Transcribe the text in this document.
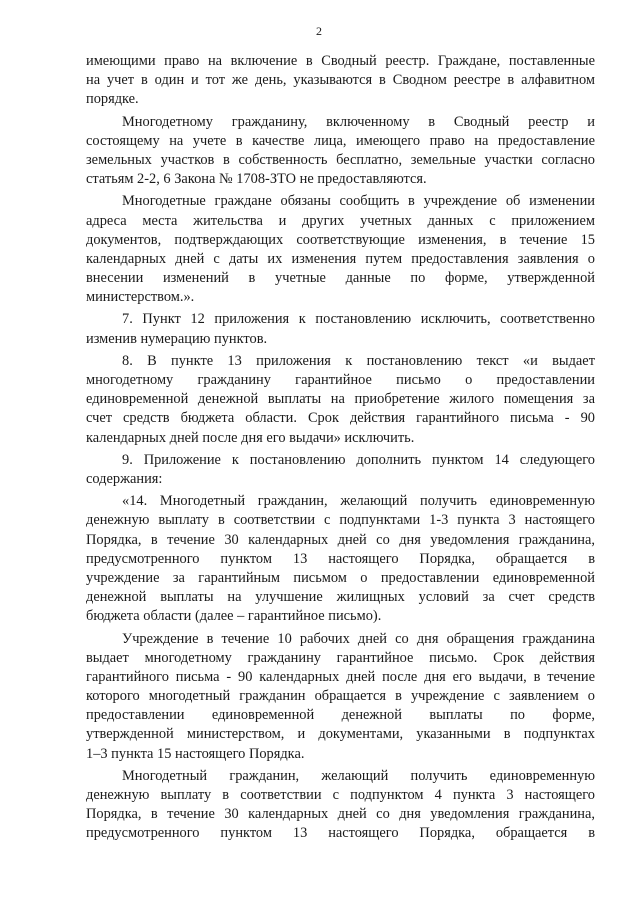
2
имеющими право на включение в Сводный реестр. Граждане, поставленные
на учет в один и тот же день, указываются в Сводном реестре в алфавитном
порядке.
Многодетному гражданину, включенному в Сводный реестр и
состоящему на учете в качестве лица, имеющего право на предоставление
земельных участков в собственность бесплатно, земельные участки согласно
статьям 2-2, 6 Закона № 1708-ЗТО не предоставляются.
Многодетные граждане обязаны сообщить в учреждение об изменении
адреса места жительства и других учетных данных с приложением
документов, подтверждающих соответствующие изменения, в течение 15
календарных дней с даты их изменения путем предоставления заявления о
внесении изменений в учетные данные по форме, утвержденной
министерством.».
7. Пункт 12 приложения к постановлению исключить, соответственно
изменив нумерацию пунктов.
8. В пункте 13 приложения к постановлению текст «и выдает
многодетному гражданину гарантийное письмо о предоставлении
единовременной денежной выплаты на приобретение жилого помещения за
счет средств бюджета области. Срок действия гарантийного письма - 90
календарных дней после дня его выдачи» исключить.
9. Приложение к постановлению дополнить пунктом 14 следующего
содержания:
«14. Многодетный гражданин, желающий получить единовременную
денежную выплату в соответствии с подпунктами 1-3 пункта 3 настоящего
Порядка, в течение 30 календарных дней со дня уведомления гражданина,
предусмотренного пунктом 13 настоящего Порядка, обращается в
учреждение за гарантийным письмом о предоставлении единовременной
денежной выплаты на улучшение жилищных условий за счет средств
бюджета области (далее – гарантийное письмо).
Учреждение в течение 10 рабочих дней со дня обращения гражданина
выдает многодетному гражданину гарантийное письмо. Срок действия
гарантийного письма - 90 календарных дней после дня его выдачи, в течение
которого многодетный гражданин обращается в учреждение с заявлением о
предоставлении единовременной денежной выплаты по форме,
утвержденной министерством, и документами, указанными в подпунктах
1–3 пункта 15 настоящего Порядка.
Многодетный гражданин, желающий получить единовременную
денежную выплату в соответствии с подпунктом 4 пункта 3 настоящего
Порядка, в течение 30 календарных дней со дня уведомления гражданина,
предусмотренного пунктом 13 настоящего Порядка, обращается в
